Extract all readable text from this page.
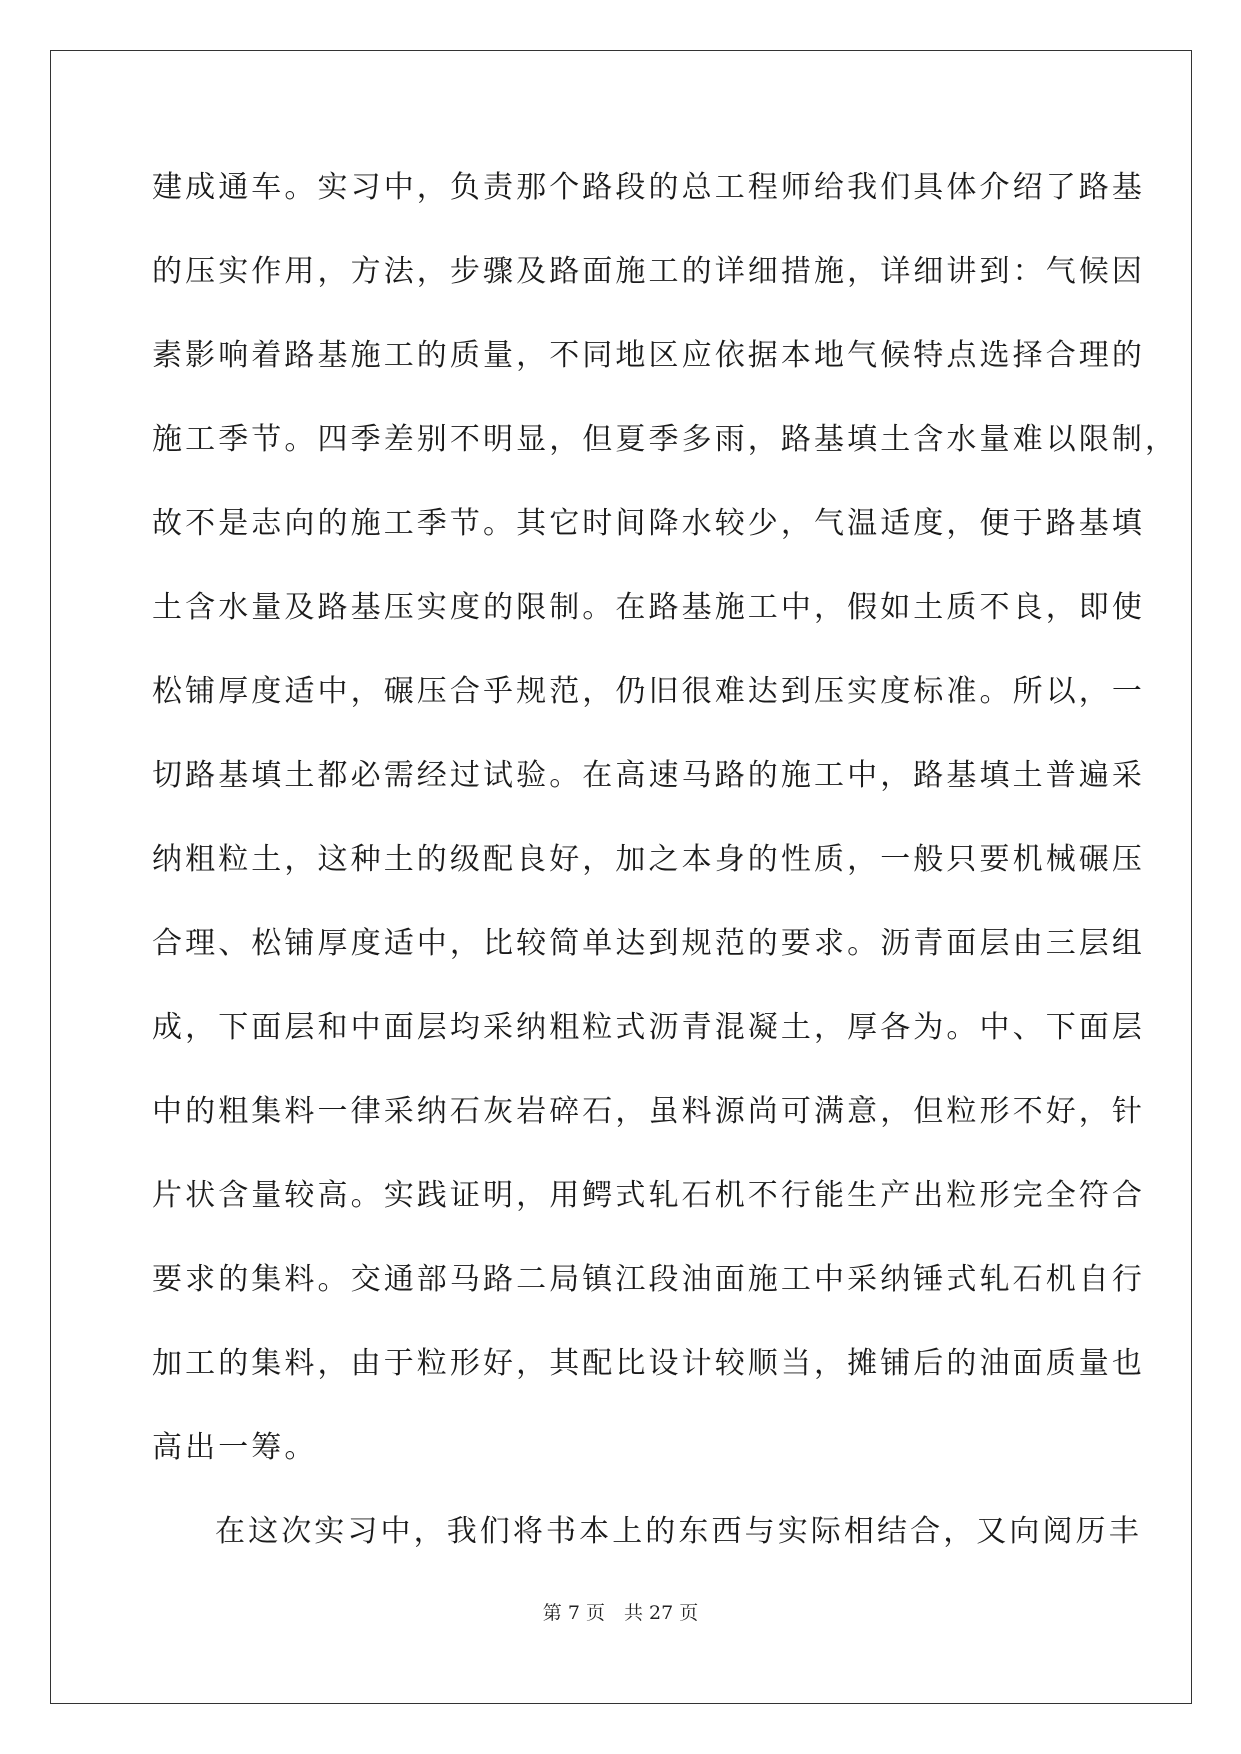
建成通车。实习中，负责那个路段的总工程师给我们具体介绍了路基
的压实作用，方法，步骤及路面施工的详细措施，详细讲到：气候因
素影响着路基施工的质量，不同地区应依据本地气候特点选择合理的
施工季节。四季差别不明显，但夏季多雨，路基填土含水量难以限制，
故不是志向的施工季节。其它时间降水较少，气温适度，便于路基填
土含水量及路基压实度的限制。在路基施工中，假如土质不良，即使
松铺厚度适中，碾压合乎规范，仍旧很难达到压实度标准。所以，一
切路基填土都必需经过试验。在高速马路的施工中，路基填土普遍采
纳粗粒土，这种土的级配良好，加之本身的性质，一般只要机械碾压
合理、松铺厚度适中，比较简单达到规范的要求。沥青面层由三层组
成，下面层和中面层均采纳粗粒式沥青混凝土，厚各为。中、下面层
中的粗集料一律采纳石灰岩碎石，虽料源尚可满意，但粒形不好，针
片状含量较高。实践证明，用鳄式轧石机不行能生产出粒形完全符合
要求的集料。交通部马路二局镇江段油面施工中采纳锤式轧石机自行
加工的集料，由于粒形好，其配比设计较顺当，摊铺后的油面质量也
高出一筹。
在这次实习中，我们将书本上的东西与实际相结合，又向阅历丰
第 7 页　共 27 页
